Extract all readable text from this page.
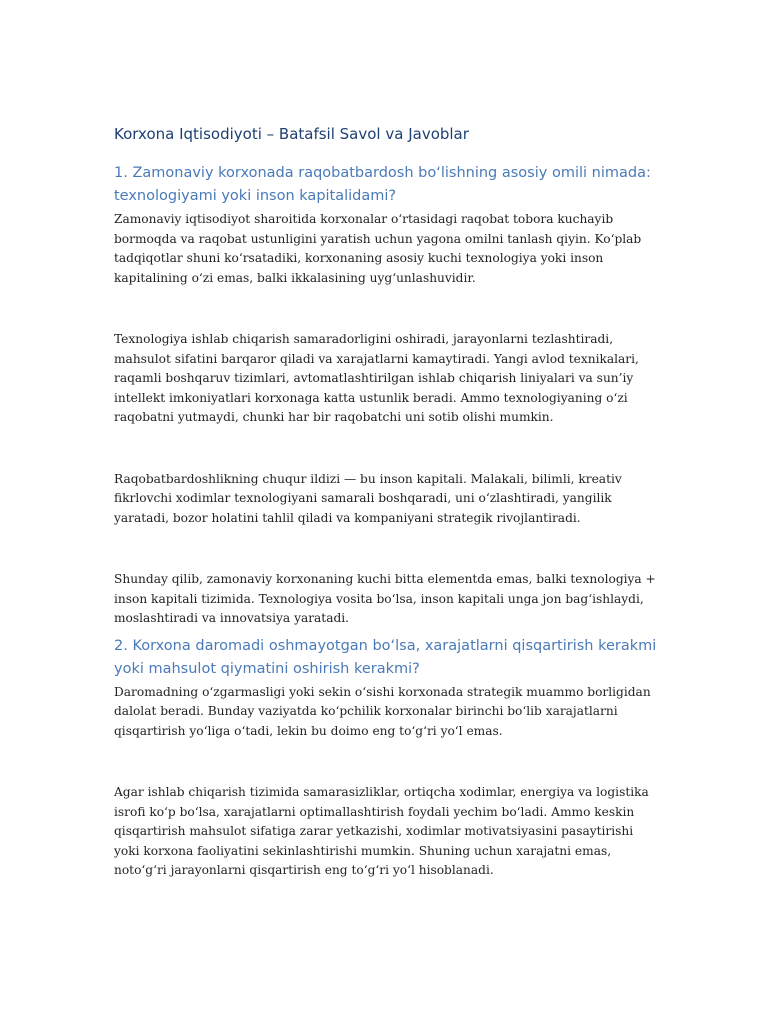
Korxona Iqtisodiyoti – Batafsil Savol va Javoblar
1. Zamonaviy korxonada raqobatbardosh bo‘lishning asosiy omili nimada: texnologiyami yoki inson kapitalidami?

Zamonaviy iqtisodiyot sharoitida korxonalar o‘rtasidagi raqobat tobora kuchayib bormoqda va raqobat ustunligini yaratish uchun yagona omilni tanlash qiyin. Ko‘plab tadqiqotlar shuni ko‘rsatadiki, korxonaning asosiy kuchi texnologiya yoki inson kapitalining o‘zi emas, balki ikkalasining uyg‘unlashuvidir.

Texnologiya ishlab chiqarish samaradorligini oshiradi, jarayonlarni tezlashtiradi, mahsulot sifatini barqaror qiladi va xarajatlarni kamaytiradi. Yangi avlod texnikalari, raqamli boshqaruv tizimlari, avtomatlashtirilgan ishlab chiqarish liniyalari va sun’iy intellekt imkoniyatlari korxonaga katta ustunlik beradi. Ammo texnologiyaning o‘zi raqobatni yutmaydi, chunki har bir raqobatchi uni sotib olishi mumkin.

Raqobatbardoshlikning chuqur ildizi — bu inson kapitali. Malakali, bilimli, kreativ fikrlovchi xodimlar texnologiyani samarali boshqaradi, uni o‘zlashtiradi, yangilik yaratadi, bozor holatini tahlil qiladi va kompaniyani strategik rivojlantiradi.

Shunday qilib, zamonaviy korxonaning kuchi bitta elementda emas, balki texnologiya + inson kapitali tizimida. Texnologiya vosita bo‘lsa, inson kapitali unga jon bag‘ishlaydi, moslashtiradi va innovatsiya yaratadi.

2. Korxona daromadi oshmayotgan bo‘lsa, xarajatlarni qisqartirish kerakmi yoki mahsulot qiymatini oshirish kerakmi?

Daromadning o‘zgarmasligi yoki sekin o‘sishi korxonada strategik muammo borligidan dalolat beradi. Bunday vaziyatda ko‘pchilik korxonalar birinchi bo‘lib xarajatlarni qisqartirish yo‘liga o‘tadi, lekin bu doimo eng to‘g‘ri yo‘l emas.

Agar ishlab chiqarish tizimida samarasizliklar, ortiqcha xodimlar, energiya va logistika isrofi ko‘p bo‘lsa, xarajatlarni optimallashtirish foydali yechim bo‘ladi. Ammo keskin qisqartirish mahsulot sifatiga zarar yetkazishi, xodimlar motivatsiyasini pasaytirishi yoki korxona faoliyatini sekinlashtirishi mumkin. Shuning uchun xarajatni emas, noto‘g‘ri jarayonlarni qisqartirish eng to‘g‘ri yo‘l hisoblanadi.
